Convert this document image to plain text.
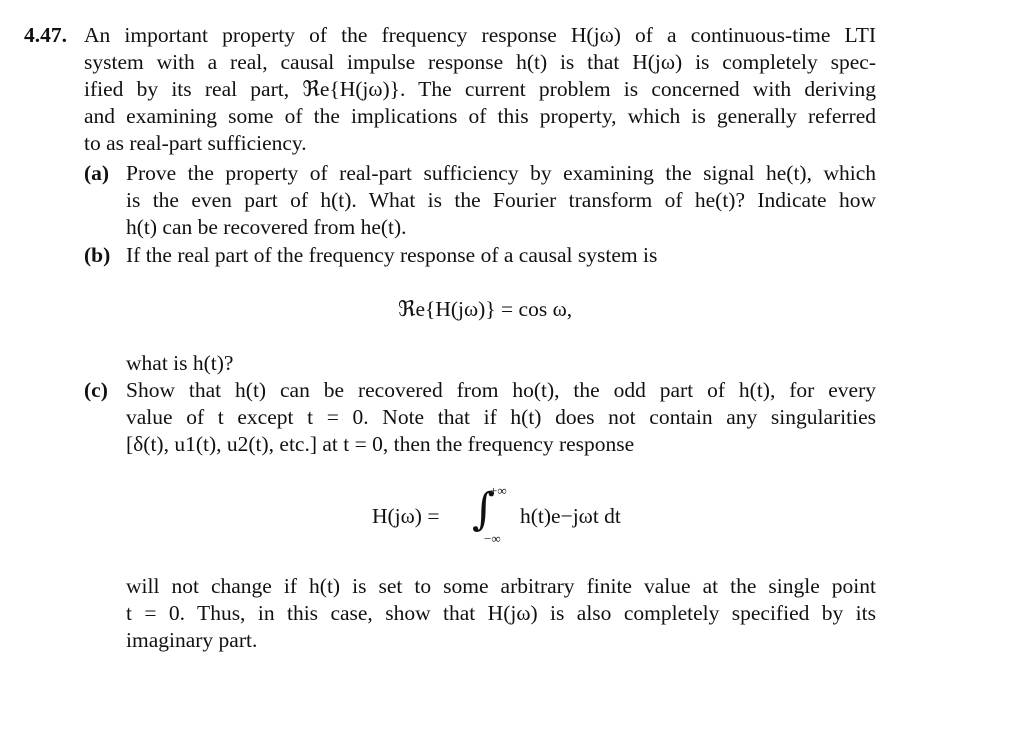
4.47. An important property of the frequency response H(jω) of a continuous-time LTI
system with a real, causal impulse response h(t) is that H(jω) is completely spec-
ified by its real part, ℜe{H(jω)}. The current problem is concerned with deriving
and examining some of the implications of this property, which is generally referred
to as real-part sufficiency.
(a) Prove the property of real-part sufficiency by examining the signal he(t), which
is the even part of h(t). What is the Fourier transform of he(t)? Indicate how
h(t) can be recovered from he(t).
(b) If the real part of the frequency response of a causal system is
ℜe{H(jω)} = cos ω,
what is h(t)?
(c) Show that h(t) can be recovered from ho(t), the odd part of h(t), for every
value of t except t = 0. Note that if h(t) does not contain any singularities
[δ(t), u1(t), u2(t), etc.] at t = 0, then the frequency response
H(jω) = ∫
+∞
−∞
h(t)e−jωt dt
will not change if h(t) is set to some arbitrary finite value at the single point
t = 0. Thus, in this case, show that H(jω) is also completely specified by its
imaginary part.
